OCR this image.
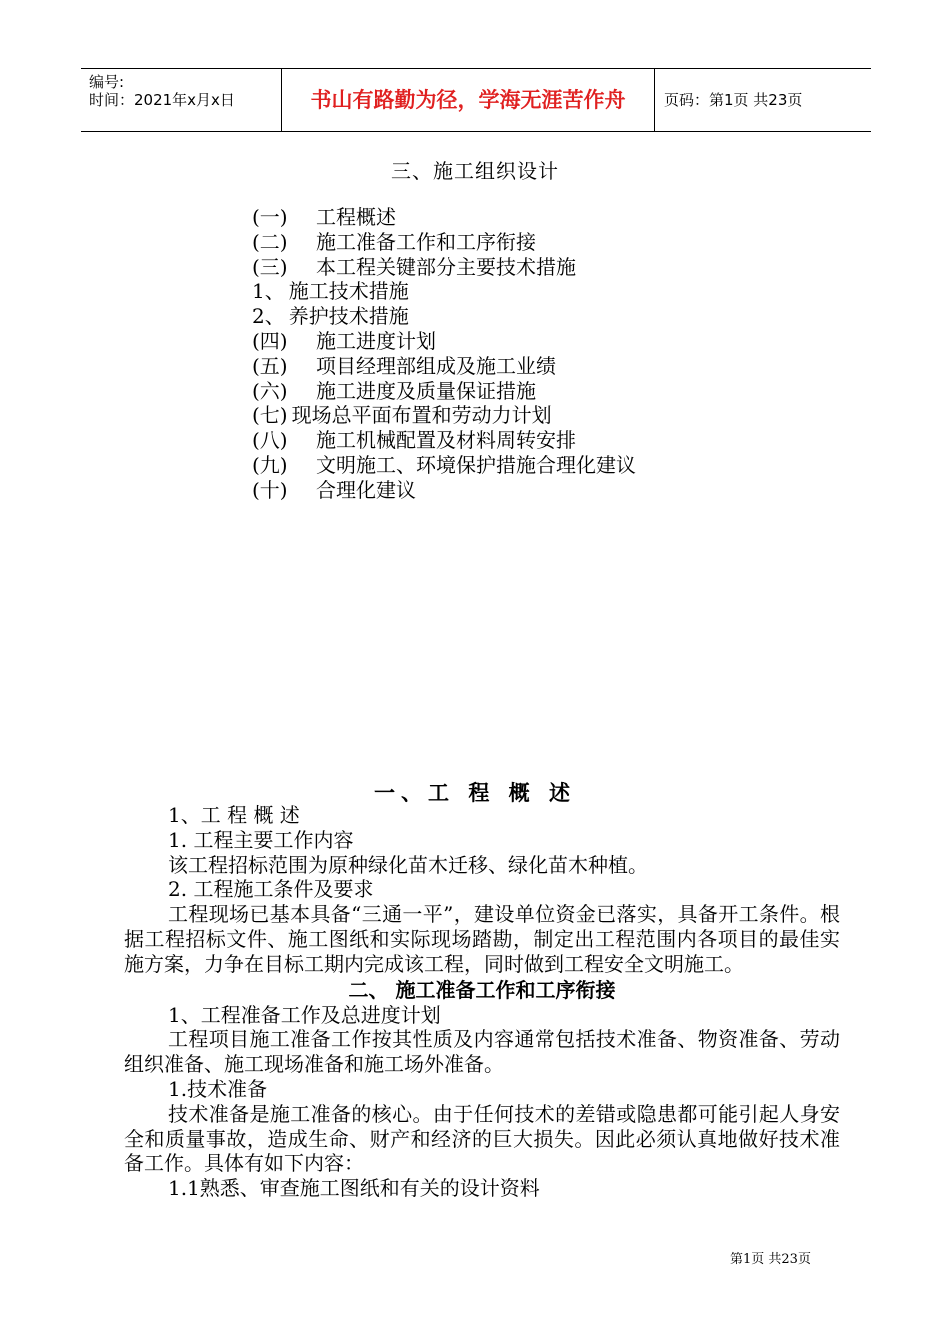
编号:
时间：2021年x月x日	书山有路勤为径，学海无涯苦作舟	页码：第1页 共23页
三、施工组织设计
(一) 工程概述
(二) 施工准备工作和工序衔接
(三) 本工程关键部分主要技术措施
1、 施工技术措施
2、 养护技术措施
(四) 施工进度计划
(五) 项目经理部组成及施工业绩
(六) 施工进度及质量保证措施
(七) 现场总平面布置和劳动力计划
(八) 施工机械配置及材料周转安排
(九) 文明施工、环境保护措施合理化建议
(十) 合理化建议
一、工 程 概 述
1、工 程 概 述
1. 工程主要工作内容
该工程招标范围为原种绿化苗木迁移、绿化苗木种植。
2. 工程施工条件及要求
工程现场已基本具备“三通一平”，建设单位资金已落实，具备开工条件。根据工程招标文件、施工图纸和实际现场踏勘，制定出工程范围内各项目的最佳实施方案，力争在目标工期内完成该工程，同时做到工程安全文明施工。
二、 施工准备工作和工序衔接
1、工程准备工作及总进度计划
工程项目施工准备工作按其性质及内容通常包括技术准备、物资准备、劳动组织准备、施工现场准备和施工场外准备。
1.技术准备
技术准备是施工准备的核心。由于任何技术的差错或隐患都可能引起人身安全和质量事故，造成生命、财产和经济的巨大损失。因此必须认真地做好技术准备工作。具体有如下内容：
1.1熟悉、审查施工图纸和有关的设计资料
第1页 共23页
